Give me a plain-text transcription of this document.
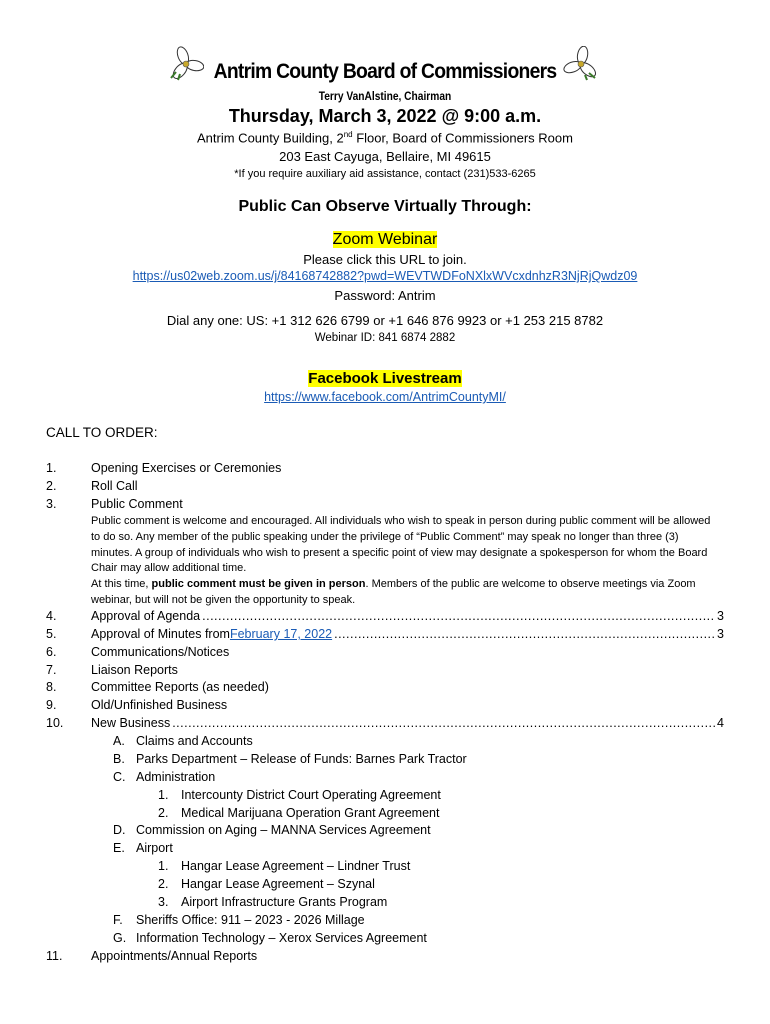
Antrim County Board of Commissioners
Terry VanAlstine, Chairman
Thursday, March 3, 2022 @ 9:00 a.m.
Antrim County Building, 2nd Floor, Board of Commissioners Room
203 East Cayuga, Bellaire, MI 49615
*If you require auxiliary aid assistance, contact (231)533-6265
Public Can Observe Virtually Through:
Zoom Webinar
Please click this URL to join.
https://us02web.zoom.us/j/84168742882?pwd=WEVTWDFoNXlxWVcxdnhzR3NjRjQwdz09
Password: Antrim
Dial any one: US: +1 312 626 6799 or +1 646 876 9923 or +1 253 215 8782
Webinar ID: 841 6874 2882
Facebook Livestream
https://www.facebook.com/AntrimCountyMI/
CALL TO ORDER:
1.	Opening Exercises or Ceremonies
2.	Roll Call
3.	Public Comment
Public comment is welcome and encouraged. All individuals who wish to speak in person during public comment will be allowed to do so. Any member of the public speaking under the privilege of “Public Comment” may speak no longer than three (3) minutes. A group of individuals who wish to present a specific point of view may designate a spokesperson for whom the Board Chair may allow additional time.
At this time, public comment must be given in person. Members of the public are welcome to observe meetings via Zoom webinar, but will not be given the opportunity to speak.
4.	Approval of Agenda .....	3
5.	Approval of Minutes from February 17, 2022 .....	3
6.	Communications/Notices
7.	Liaison Reports
8.	Committee Reports (as needed)
9.	Old/Unfinished Business
10. New Business .....	4
A. Claims and Accounts
B. Parks Department – Release of Funds: Barnes Park Tractor
C. Administration
1. Intercounty District Court Operating Agreement
2. Medical Marijuana Operation Grant Agreement
D. Commission on Aging – MANNA Services Agreement
E. Airport
1. Hangar Lease Agreement – Lindner Trust
2. Hangar Lease Agreement – Szynal
3. Airport Infrastructure Grants Program
F. Sheriffs Office: 911 – 2023 - 2026 Millage
G. Information Technology – Xerox Services Agreement
11. Appointments/Annual Reports
